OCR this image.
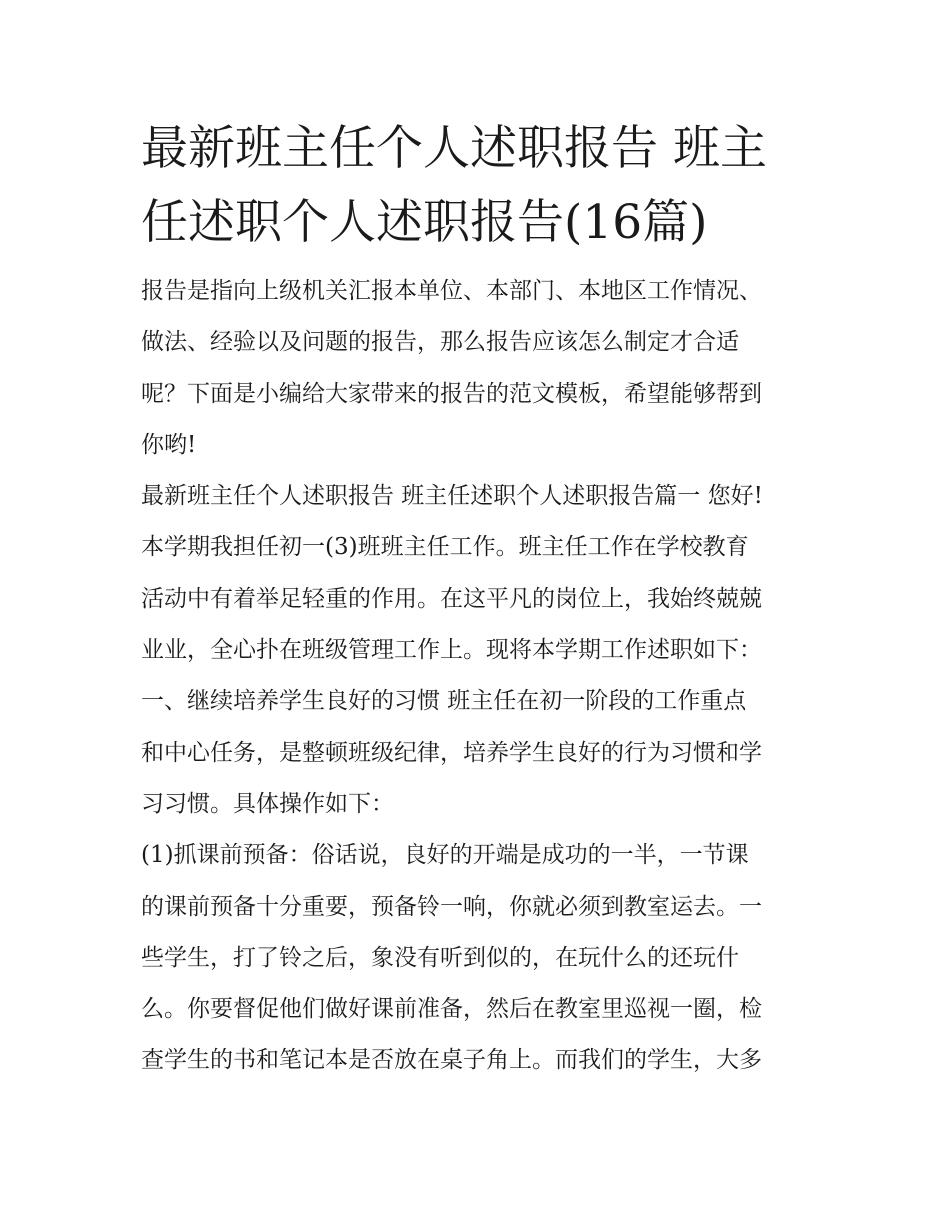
最新班主任个人述职报告 班主
任述职个人述职报告(16篇)
报告是指向上级机关汇报本单位、本部门、本地区工作情况、
做法、经验以及问题的报告，那么报告应该怎么制定才合适
呢？下面是小编给大家带来的报告的范文模板，希望能够帮到
你哟!
最新班主任个人述职报告 班主任述职个人述职报告篇一 您好!
本学期我担任初一(3)班班主任工作。班主任工作在学校教育
活动中有着举足轻重的作用。在这平凡的岗位上，我始终兢兢
业业，全心扑在班级管理工作上。现将本学期工作述职如下：
一、继续培养学生良好的习惯 班主任在初一阶段的工作重点
和中心任务，是整顿班级纪律，培养学生良好的行为习惯和学
习习惯。具体操作如下：
(1)抓课前预备：俗话说，良好的开端是成功的一半，一节课
的课前预备十分重要，预备铃一响，你就必须到教室运去。一
些学生，打了铃之后，象没有听到似的，在玩什么的还玩什
么。你要督促他们做好课前准备，然后在教室里巡视一圈，检
查学生的书和笔记本是否放在桌子角上。而我们的学生，大多
